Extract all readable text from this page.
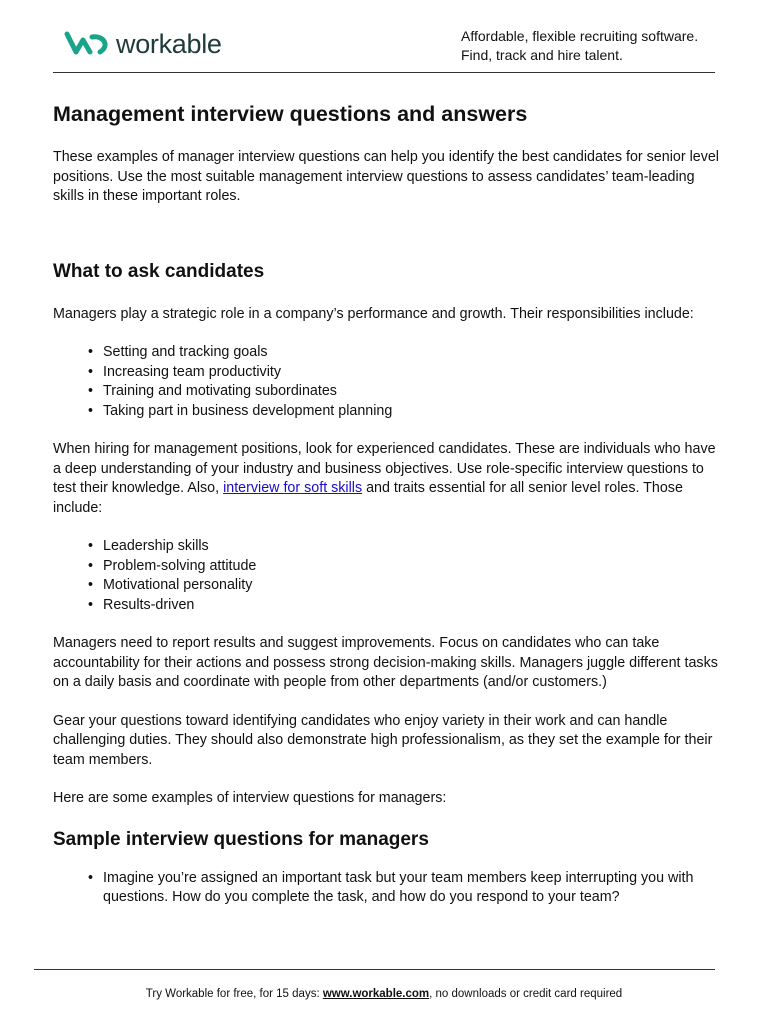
workable	Affordable, flexible recruiting software.
Find, track and hire talent.
Management interview questions and answers

These examples of manager interview questions can help you identify the best candidates for senior level positions. Use the most suitable management interview questions to assess candidates’ team-leading skills in these important roles.

What to ask candidates

Managers play a strategic role in a company’s performance and growth. Their responsibilities include:

• Setting and tracking goals
• Increasing team productivity
• Training and motivating subordinates
• Taking part in business development planning

When hiring for management positions, look for experienced candidates. These are individuals who have a deep understanding of your industry and business objectives. Use role-specific interview questions to test their knowledge. Also, interview for soft skills and traits essential for all senior level roles. Those include:

• Leadership skills
• Problem-solving attitude
• Motivational personality
• Results-driven

Managers need to report results and suggest improvements. Focus on candidates who can take accountability for their actions and possess strong decision-making skills. Managers juggle different tasks on a daily basis and coordinate with people from other departments (and/or customers.)

Gear your questions toward identifying candidates who enjoy variety in their work and can handle challenging duties. They should also demonstrate high professionalism, as they set the example for their team members.

Here are some examples of interview questions for managers:

Sample interview questions for managers
• Imagine you’re assigned an important task but your team members keep interrupting you with questions. How do you complete the task, and how do you respond to your team?
Try Workable for free, for 15 days: www.workable.com, no downloads or credit card required
